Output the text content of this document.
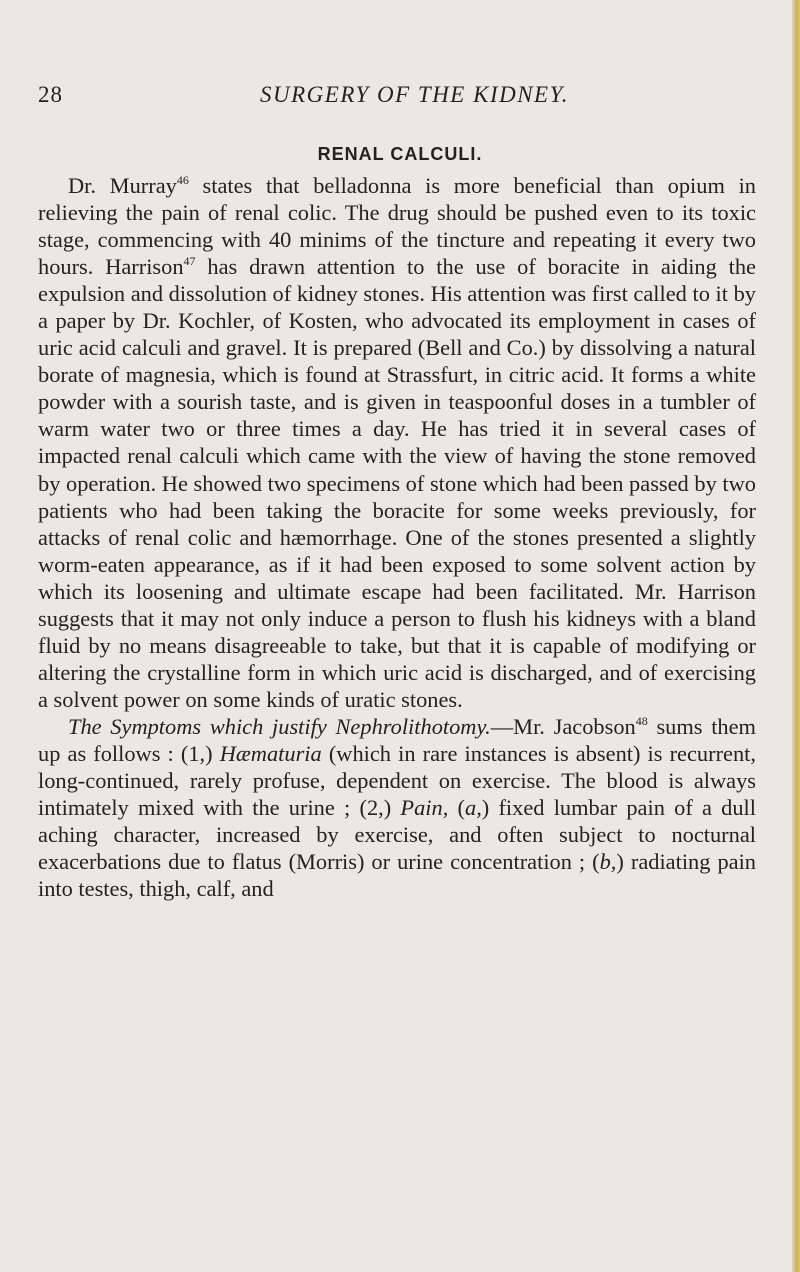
28	SURGERY OF THE KIDNEY.
RENAL CALCULI.

Dr. Murray$^{46}$ states that belladonna is more beneficial than opium in relieving the pain of renal colic. The drug should be pushed even to its toxic stage, commencing with 40 minims of the tincture and repeating it every two hours. Harrison$^{47}$ has drawn attention to the use of boracite in aiding the expulsion and dissolution of kidney stones. His attention was first called to it by a paper by Dr. Kochler, of Kosten, who advocated its employment in cases of uric acid calculi and gravel. It is prepared (Bell and Co.) by dissolving a natural borate of magnesia, which is found at Strassfurt, in citric acid. It forms a white powder with a sourish taste, and is given in teaspoonful doses in a tumbler of warm water two or three times a day. He has tried it in several cases of impacted renal calculi which came with the view of having the stone removed by operation. He showed two specimens of stone which had been passed by two patients who had been taking the boracite for some weeks previously, for attacks of renal colic and hæmorrhage. One of the stones presented a slightly worm-eaten appearance, as if it had been exposed to some solvent action by which its loosening and ultimate escape had been facilitated. Mr. Harrison suggests that it may not only induce a person to flush his kidneys with a bland fluid by no means disagreeable to take, but that it is capable of modifying or altering the crystalline form in which uric acid is discharged, and of exercising a solvent power on some kinds of uratic stones.

The Symptoms which justify Nephrolithotomy.—Mr. Jacobson$^{48}$ sums them up as follows : (1,) Hæmaturia (which in rare instances is absent) is recurrent, long-continued, rarely profuse, dependent on exercise. The blood is always intimately mixed with the urine ; (2,) Pain, (a,) fixed lumbar pain of a dull aching character, increased by exercise, and often subject to nocturnal exacerbations due to flatus (Morris) or urine concentration ; (b,) radiating pain into testes, thigh, calf, and
